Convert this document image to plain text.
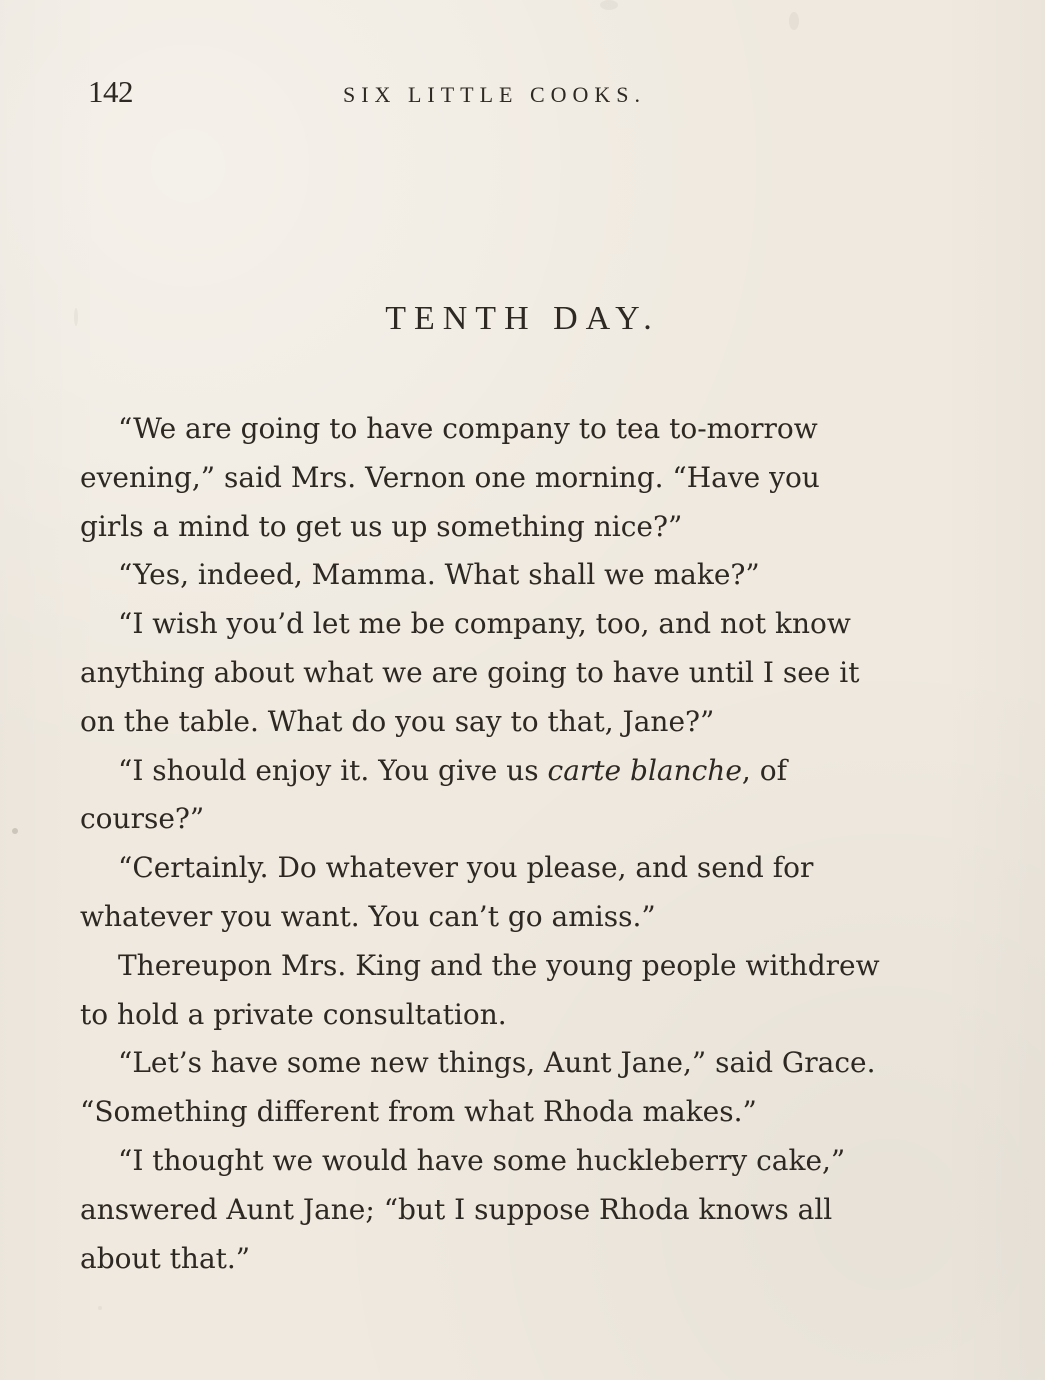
142	SIX LITTLE COOKS.
TENTH DAY.
“We are going to have company to tea to-morrow
evening,” said Mrs. Vernon one morning. “Have you
girls a mind to get us up something nice?”
“Yes, indeed, Mamma. What shall we make?”
“I wish you’d let me be company, too, and not know
anything about what we are going to have until I see it
on the table. What do you say to that, Jane?”
“I should enjoy it. You give us carte blanche, of
course?”
“Certainly. Do whatever you please, and send for
whatever you want. You can’t go amiss.”
Thereupon Mrs. King and the young people withdrew
to hold a private consultation.
“Let’s have some new things, Aunt Jane,” said Grace.
“Something different from what Rhoda makes.”
“I thought we would have some huckleberry cake,”
answered Aunt Jane; “but I suppose Rhoda knows all
about that.”
